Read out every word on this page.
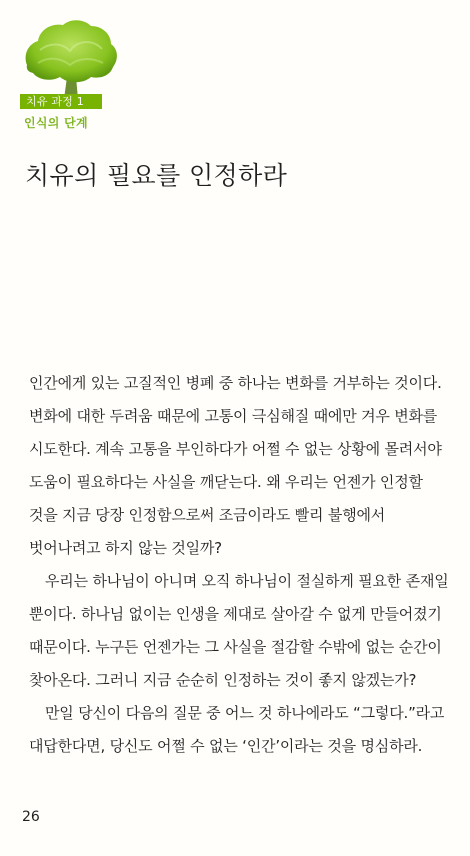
치유 과정 1
인식의 단계
치유의 필요를 인정하라

인간에게 있는 고질적인 병폐 중 하나는 변화를 거부하는 것이다. 변화에 대한 두려움 때문에 고통이 극심해질 때에만 겨우 변화를 시도한다. 계속 고통을 부인하다가 어쩔 수 없는 상황에 몰려서야 도움이 필요하다는 사실을 깨닫는다. 왜 우리는 언젠가 인정할 것을 지금 당장 인정함으로써 조금이라도 빨리 불행에서 벗어나려고 하지 않는 것일까?

우리는 하나님이 아니며 오직 하나님이 절실하게 필요한 존재일 뿐이다. 하나님 없이는 인생을 제대로 살아갈 수 없게 만들어졌기 때문이다. 누구든 언젠가는 그 사실을 절감할 수밖에 없는 순간이 찾아온다. 그러니 지금 순순히 인정하는 것이 좋지 않겠는가?

만일 당신이 다음의 질문 중 어느 것 하나에라도 “그렇다.”라고 대답한다면, 당신도 어쩔 수 없는 ‘인간’이라는 것을 명심하라.

26
